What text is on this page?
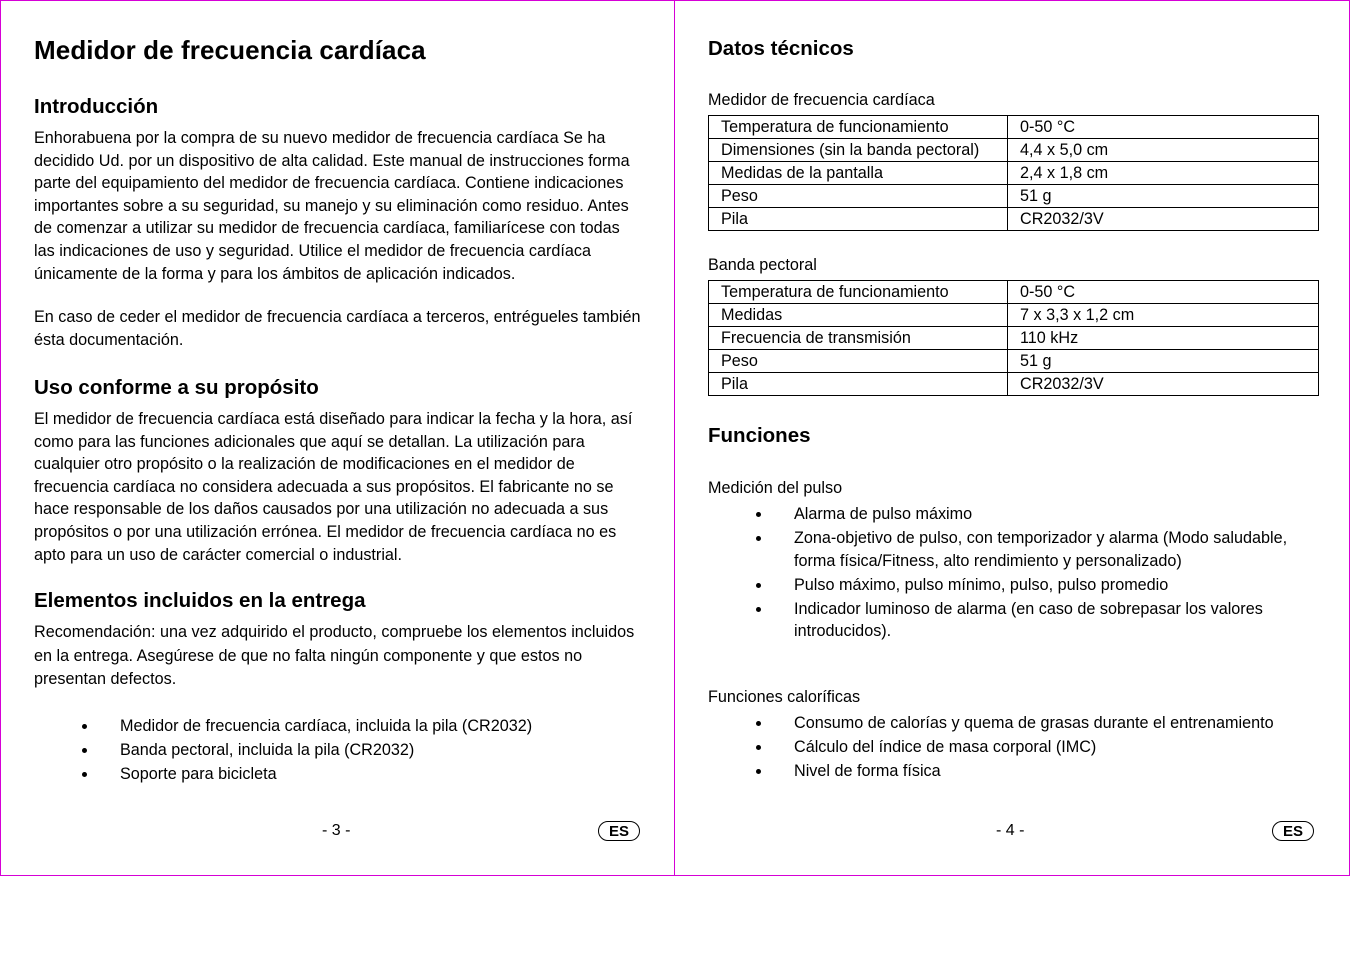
Medidor de frecuencia cardíaca
Introducción

Enhorabuena por la compra de su nuevo medidor de frecuencia cardíaca Se ha decidido Ud. por un dispositivo de alta calidad. Este manual de instrucciones forma parte del equipamiento del medidor de frecuencia cardíaca. Contiene indicaciones importantes sobre a su seguridad, su manejo y su eliminación como residuo. Antes de comenzar a utilizar su medidor de frecuencia cardíaca, familiarícese con todas las indicaciones de uso y seguridad. Utilice el medidor de frecuencia cardíaca únicamente de la forma y para los ámbitos de aplicación indicados.

En caso de ceder el medidor de frecuencia cardíaca a terceros, entrégueles también ésta documentación.

Uso conforme a su propósito

El medidor de frecuencia cardíaca está diseñado para indicar la fecha y la hora, así como para las funciones adicionales que aquí se detallan. La utilización para cualquier otro propósito o la realización de modificaciones en el medidor de frecuencia cardíaca no considera adecuada a sus propósitos. El fabricante no se hace responsable de los daños causados por una utilización no adecuada a sus propósitos o por una utilización errónea. El medidor de frecuencia cardíaca no es apto para un uso de carácter comercial o industrial.

Elementos incluidos en la entrega

Recomendación: una vez adquirido el producto, compruebe los elementos incluidos en la entrega. Asegúrese de que no falta ningún componente y que estos no presentan defectos.

Medidor de frecuencia cardíaca, incluida la pila (CR2032)
Banda pectoral, incluida la pila (CR2032)
Soporte para bicicleta
- 3 -	ES
Datos técnicos
Medidor de frecuencia cardíaca
Temperatura de funcionamiento	0-50 °C
Dimensiones (sin la banda pectoral)	4,4 x 5,0 cm
Medidas de la pantalla	2,4 x 1,8 cm
Peso	51 g
Pila	CR2032/3V
Banda pectoral
Temperatura de funcionamiento	0-50 °C
Medidas	7 x 3,3 x 1,2 cm
Frecuencia de transmisión	110 kHz
Peso	51 g
Pila	CR2032/3V
Funciones
Medición del pulso
Alarma de pulso máximo
Zona-objetivo de pulso, con temporizador y alarma (Modo saludable, forma física/Fitness, alto rendimiento y personalizado)
Pulso máximo, pulso mínimo, pulso, pulso promedio
Indicador luminoso de alarma (en caso de sobrepasar los valores introducidos).
Funciones caloríficas
Consumo de calorías y quema de grasas durante el entrenamiento
Cálculo del índice de masa corporal (IMC)
Nivel de forma física
- 4 -	ES
